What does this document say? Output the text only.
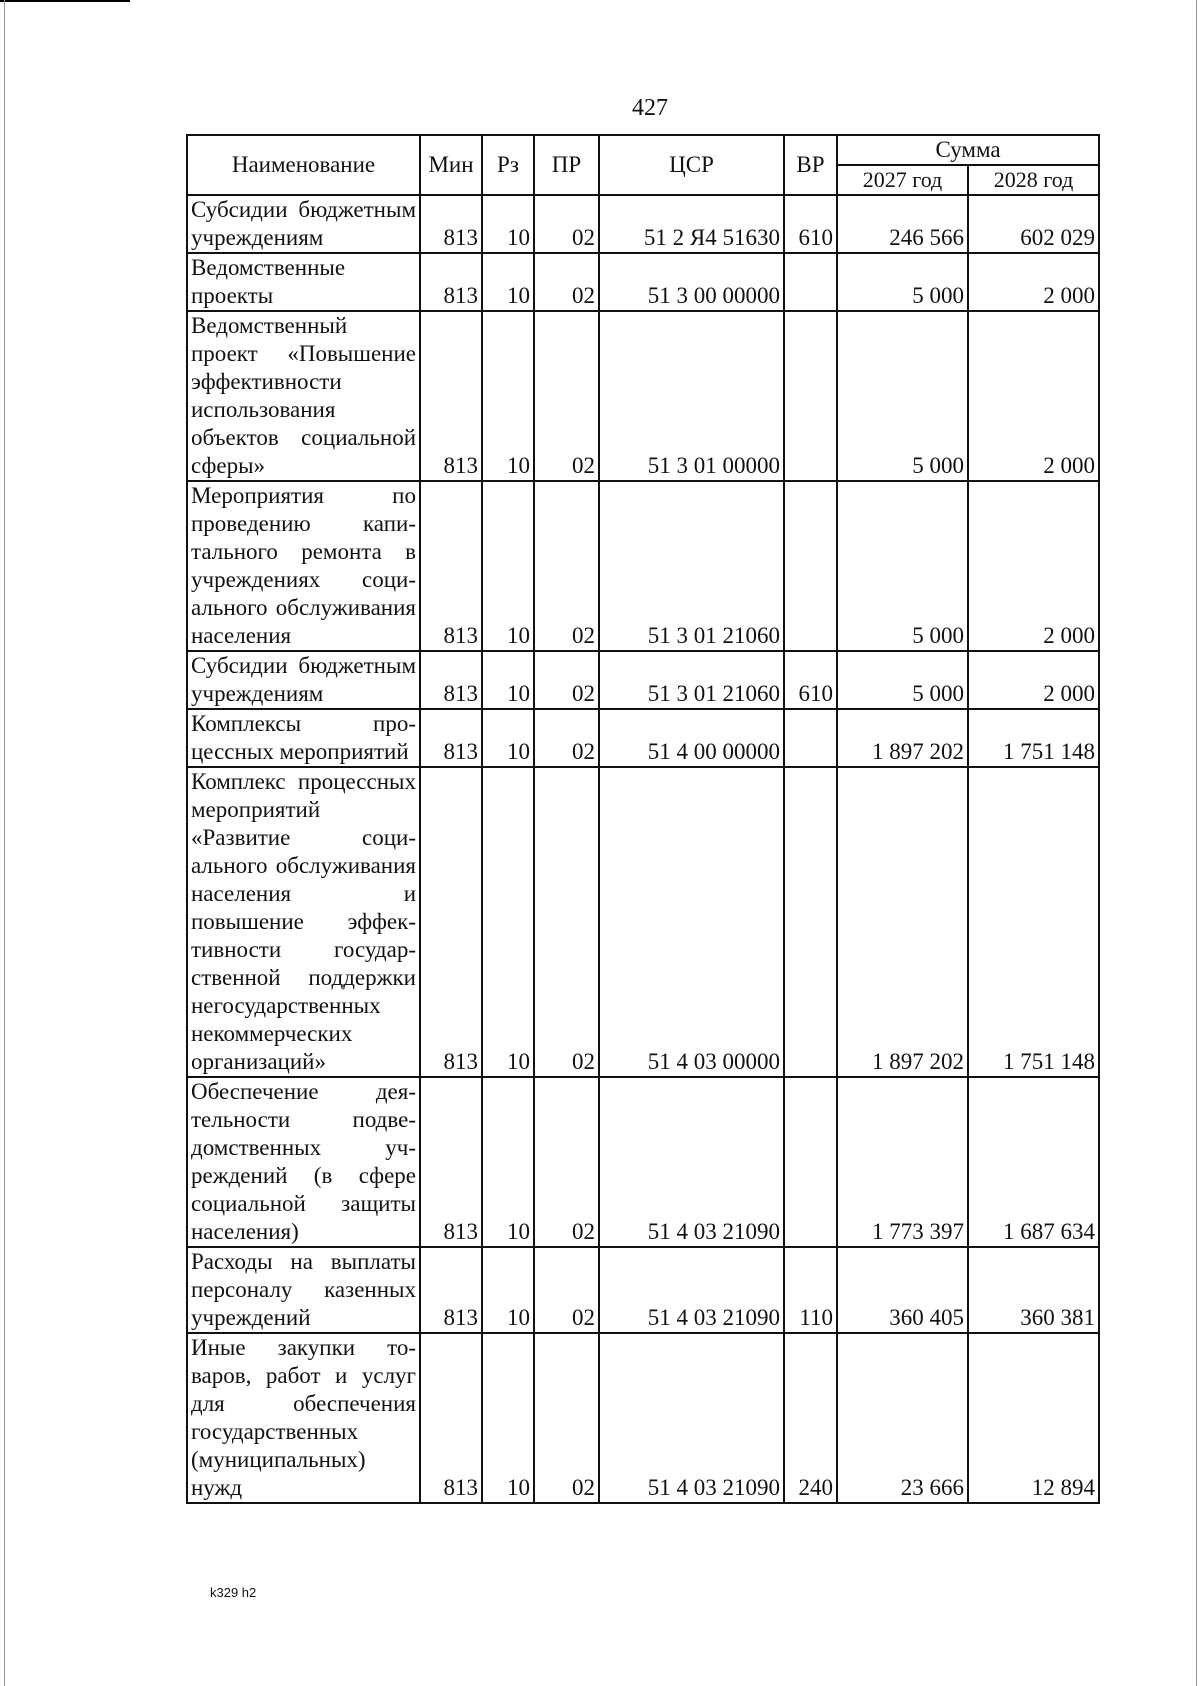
427
Наименование	Мин	Рз	ПР	ЦСР	ВР	Сумма	
						2027 год	2028 год
Субсидии бюджетным учреждениям	813	10	02	51 2 Я4 51630	610	246 566	602 029
Ведомственные проекты	813	10	02	51 3 00 00000		5 000	2 000
Ведомственный проект «Повышение эффективности использования объектов социальной сферы»	813	10	02	51 3 01 00000		5 000	2 000
Мероприятия по проведению капитального ремонта в учреждениях социального обслуживания населения	813	10	02	51 3 01 21060		5 000	2 000
Субсидии бюджетным учреждениям	813	10	02	51 3 01 21060	610	5 000	2 000
Комплексы процессных мероприятий	813	10	02	51 4 00 00000		1 897 202	1 751 148
Комплекс процессных мероприятий «Развитие социального обслуживания населения и повышение эффективности государственной поддержки негосударственных некоммерческих организаций»	813	10	02	51 4 03 00000		1 897 202	1 751 148
Обеспечение деятельности подведомственных учреждений (в сфере социальной защиты населения)	813	10	02	51 4 03 21090		1 773 397	1 687 634
Расходы на выплаты персоналу казенных учреждений	813	10	02	51 4 03 21090	110	360 405	360 381
Иные закупки товаров, работ и услуг для обеспечения государственных (муниципальных) нужд	813	10	02	51 4 03 21090	240	23 666	12 894
k329 h2
